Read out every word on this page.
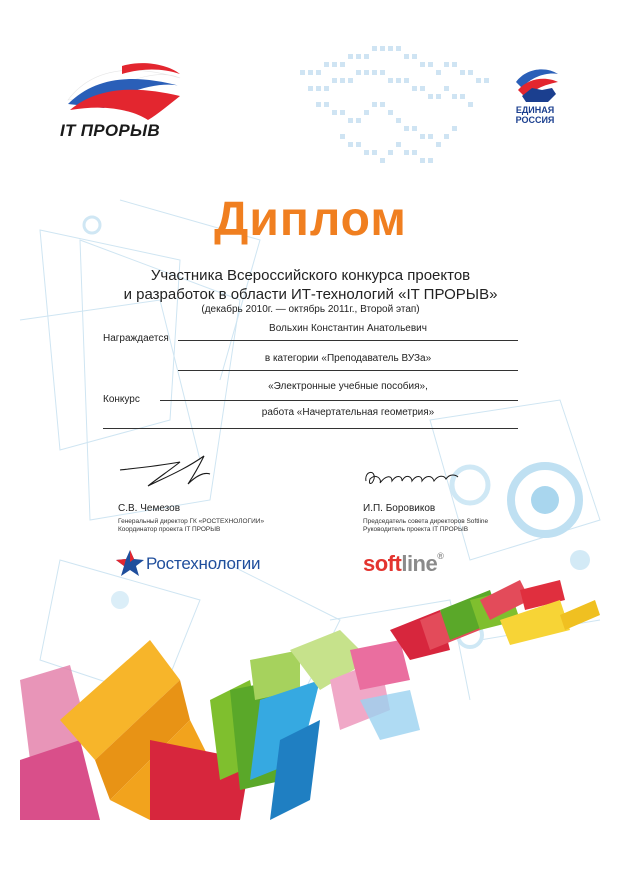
IT ПРОРЫВ
ЕДИНАЯ
РОССИЯ
Диплом
Участника Всероссийского конкурса проектов
и разработок в области ИТ-технологий «IT ПРОРЫВ»
(декабрь 2010г. — октябрь 2011г., Второй этап)
Награждается
Вольхин Константин Анатольевич
в категории «Преподаватель ВУЗа»
«Электронные учебные пособия»,
Конкурс
работа «Начертательная геометрия»
С.В. Чемезов
Генеральный директор ГК «РОСТЕХНОЛОГИИ»
Координатор проекта IT ПРОРЫВ
И.П. Боровиков
Председатель совета директоров Softline
Руководитель проекта IT ПРОРЫВ
Ростехнологии	softline®
